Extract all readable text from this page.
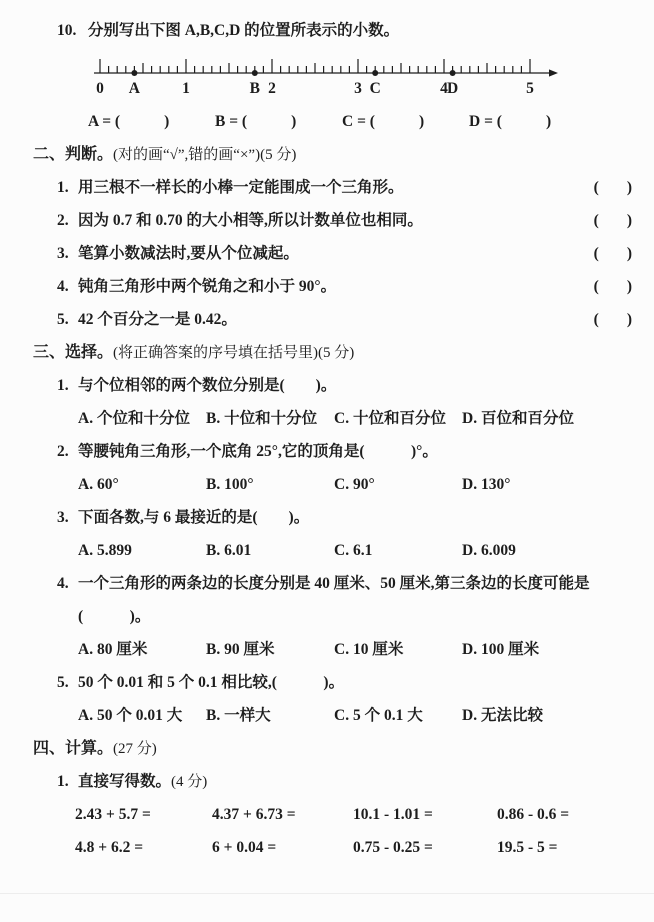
10. 分别写出下图 A,B,C,D 的位置所表示的小数。
0	1	2	3	4	5
A	B	C	D
A = (	)	B = (	)	C = (	)	D = (	)
二、判断。(对的画“√”,错的画“×”)(5 分)
1. 用三根不一样长的小棒一定能围成一个三角形。	( )
2. 因为 0.7 和 0.70 的大小相等,所以计数单位也相同。	( )
3. 笔算小数减法时,要从个位减起。	( )
4. 钝角三角形中两个锐角之和小于 90°。	( )
5. 42 个百分之一是 0.42。	( )
三、选择。(将正确答案的序号填在括号里)(5 分)
1. 与个位相邻的两个数位分别是(　　)。
A. 个位和十分位	B. 十位和十分位	C. 十位和百分位	D. 百位和百分位
2. 等腰钝角三角形,一个底角 25°,它的顶角是(　　　)°。
A. 60°	B. 100°	C. 90°	D. 130°
3. 下面各数,与 6 最接近的是(　　)。
A. 5.899	B. 6.01	C. 6.1	D. 6.009
4. 一个三角形的两条边的长度分别是 40 厘米、50 厘米,第三条边的长度可能是
(　　　)。
A. 80 厘米	B. 90 厘米	C. 10 厘米	D. 100 厘米
5. 50 个 0.01 和 5 个 0.1 相比较,(　　　)。
A. 50 个 0.01 大	B. 一样大	C. 5 个 0.1 大	D. 无法比较
四、计算。(27 分)
1. 直接写得数。(4 分)
2.43 + 5.7 =	4.37 + 6.73 =	10.1 - 1.01 =	0.86 - 0.6 =
4.8 + 6.2 =	6 + 0.04 =	0.75 - 0.25 =	19.5 - 5 =
